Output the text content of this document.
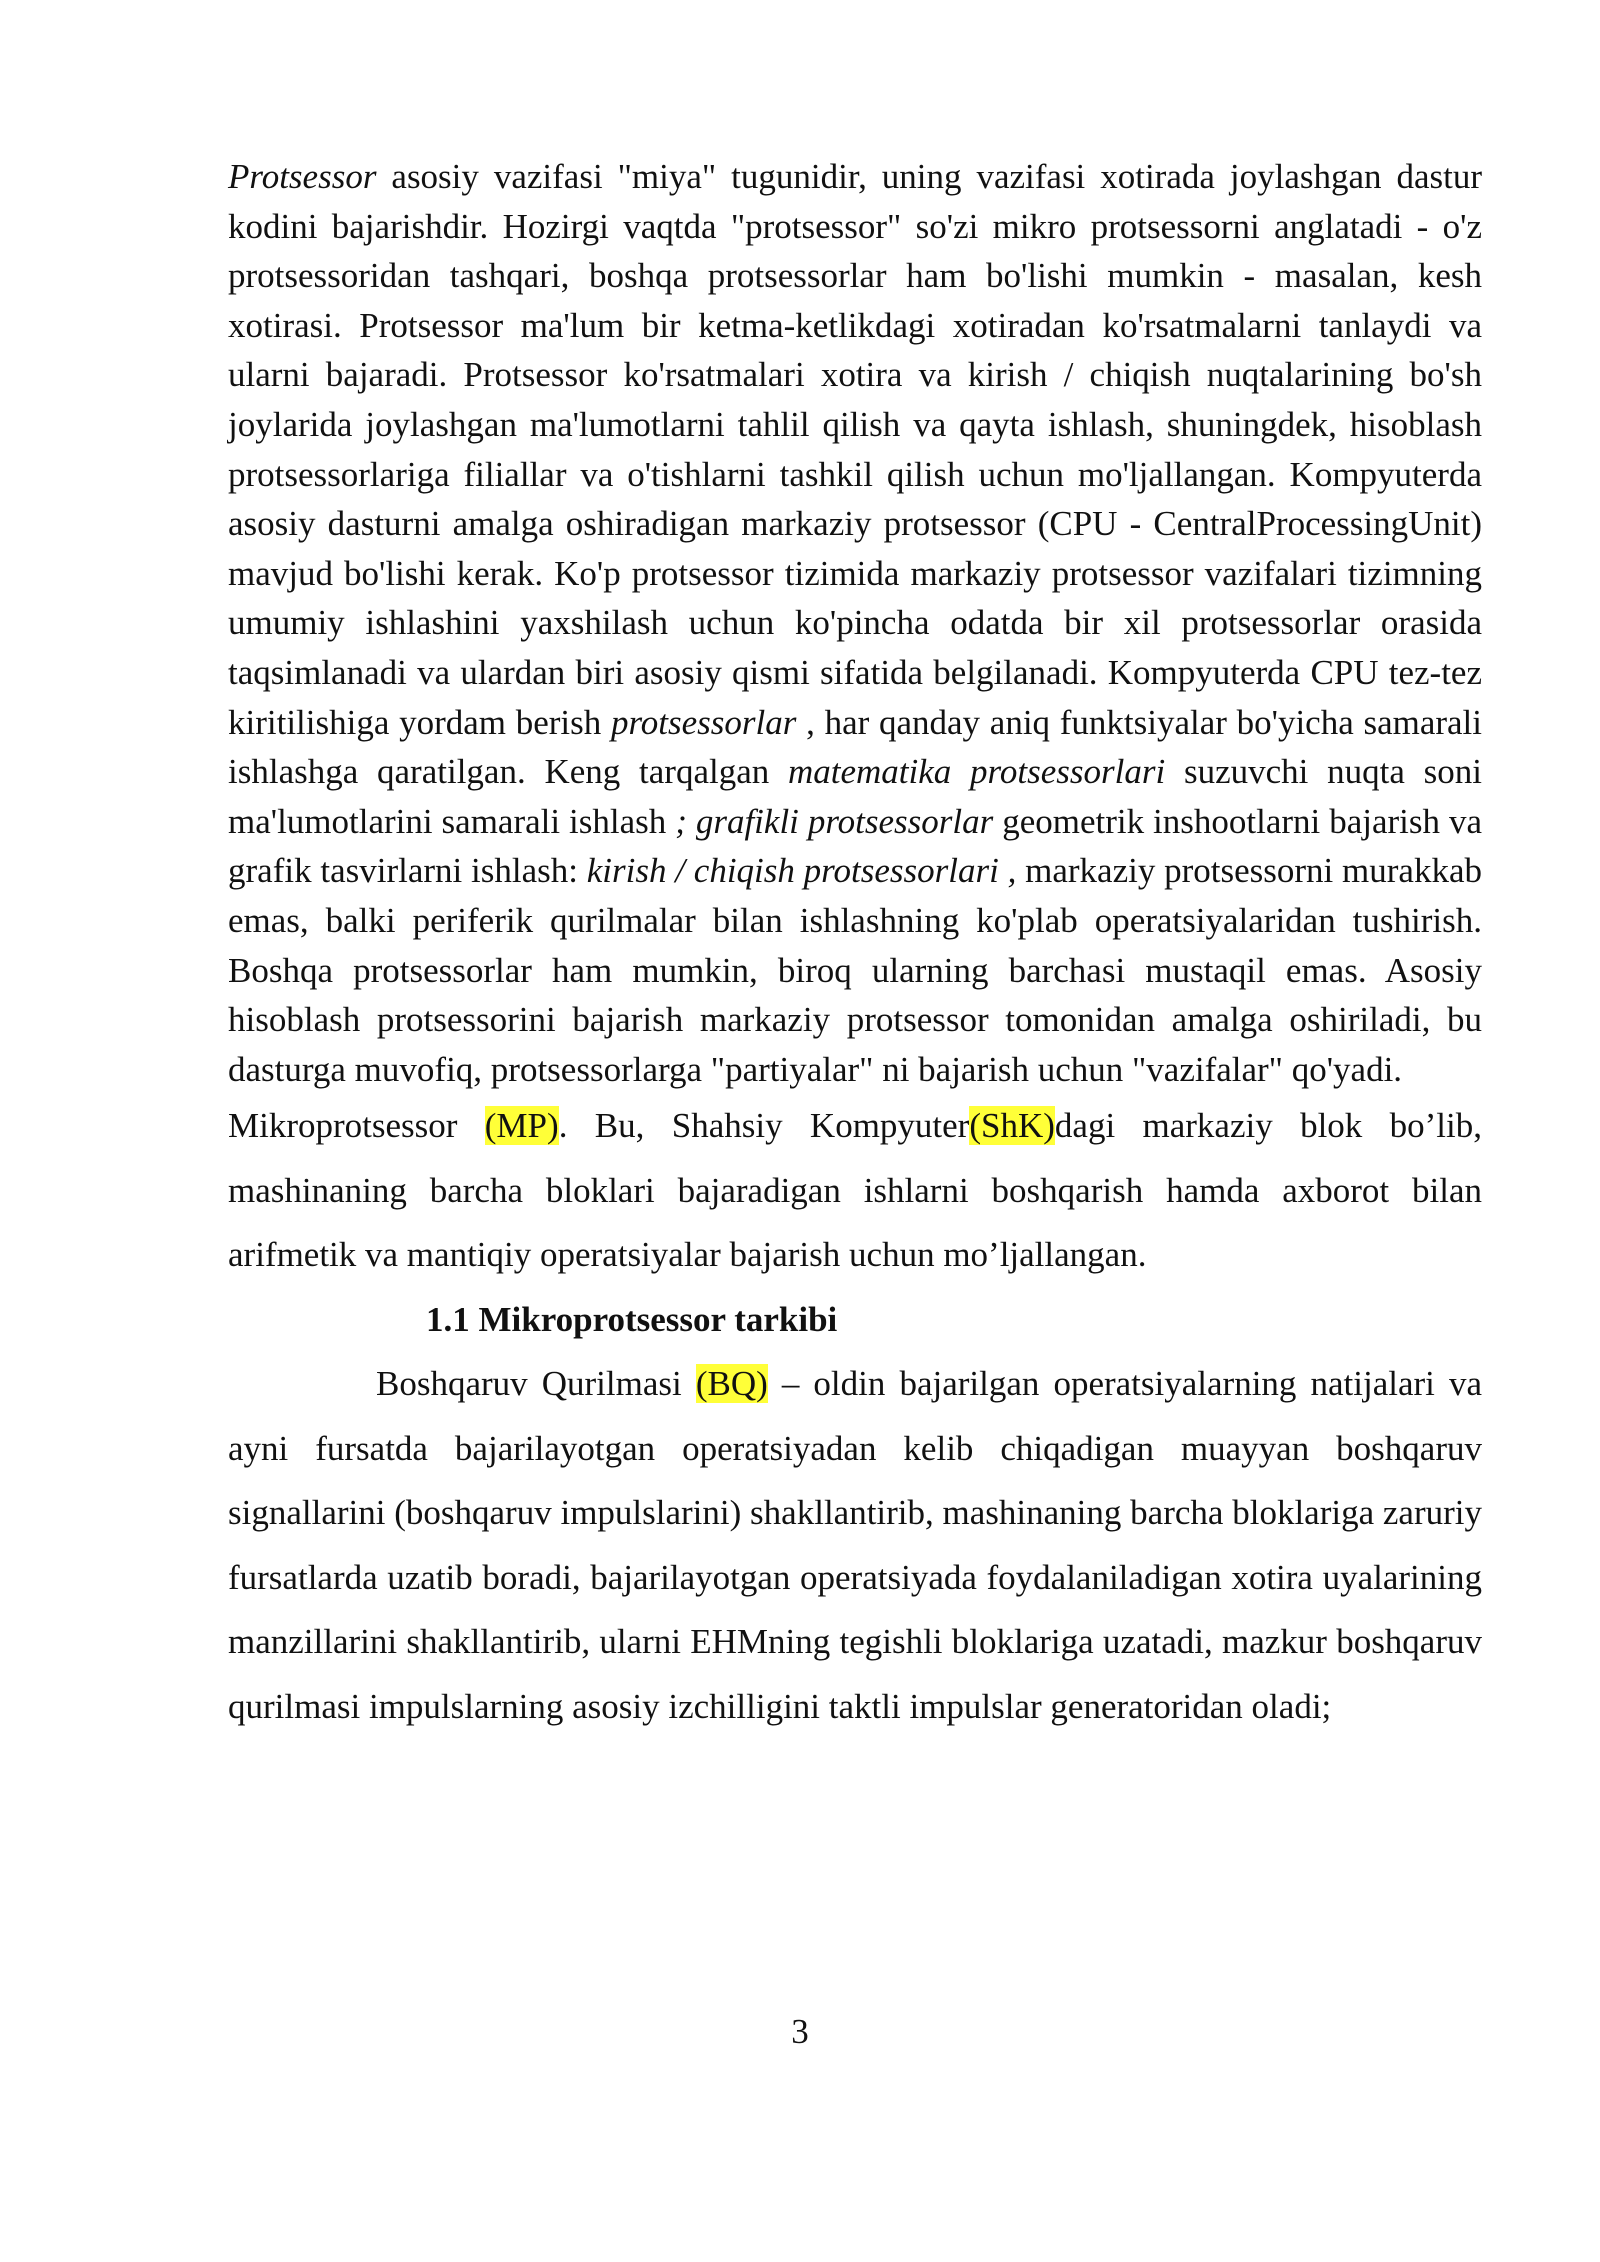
Protsessor asosiy vazifasi "miya" tugunidir, uning vazifasi xotirada joylashgan dastur kodini bajarishdir. Hozirgi vaqtda "protsessor" so'zi mikro protsessorni anglatadi - o'z protsessoridan tashqari, boshqa protsessorlar ham bo'lishi mumkin - masalan, kesh xotirasi. Protsessor ma'lum bir ketma-ketlikdagi xotiradan ko'rsatmalarni tanlaydi va ularni bajaradi. Protsessor ko'rsatmalari xotira va kirish / chiqish nuqtalarining bo'sh joylarida joylashgan ma'lumotlarni tahlil qilish va qayta ishlash, shuningdek, hisoblash protsessorlariga filiallar va o'tishlarni tashkil qilish uchun mo'ljallangan. Kompyuterda asosiy dasturni amalga oshiradigan markaziy protsessor (CPU - CentralProcessingUnit) mavjud bo'lishi kerak. Ko'p protsessor tizimida markaziy protsessor vazifalari tizimning umumiy ishlashini yaxshilash uchun ko'pincha odatda bir xil protsessorlar orasida taqsimlanadi va ulardan biri asosiy qismi sifatida belgilanadi. Kompyuterda CPU tez-tez kiritilishiga yordam berish protsessorlar , har qanday aniq funktsiyalar bo'yicha samarali ishlashga qaratilgan. Keng tarqalgan matematika protsessorlari suzuvchi nuqta soni ma'lumotlarini samarali ishlash ; grafikli protsessorlar geometrik inshootlarni bajarish va grafik tasvirlarni ishlash: kirish / chiqish protsessorlari , markaziy protsessorni murakkab emas, balki periferik qurilmalar bilan ishlashning ko'plab operatsiyalaridan tushirish. Boshqa protsessorlar ham mumkin, biroq ularning barchasi mustaqil emas. Asosiy hisoblash protsessorini bajarish markaziy protsessor tomonidan amalga oshiriladi, bu dasturga muvofiq, protsessorlarga "partiyalar" ni bajarish uchun "vazifalar" qo'yadi.

Mikroprotsessor (MP). Bu, Shahsiy Kompyuter(ShK)dagi markaziy blok bo’lib, mashinaning barcha bloklari bajaradigan ishlarni boshqarish hamda axborot bilan arifmetik va mantiqiy operatsiyalar bajarish uchun mo’ljallangan.

1.1 Mikroprotsessor tarkibi

Boshqaruv Qurilmasi (BQ) – oldin bajarilgan operatsiyalarning natijalari va ayni fursatda bajarilayotgan operatsiyadan kelib chiqadigan muayyan boshqaruv signallarini (boshqaruv impulslarini) shakllantirib, mashinaning barcha bloklariga zaruriy fursatlarda uzatib boradi, bajarilayotgan operatsiyada foydalaniladigan xotira uyalarining manzillarini shakllantirib, ularni EHMning tegishli bloklariga uzatadi, mazkur boshqaruv qurilmasi impulslarning asosiy izchilligini taktli impulslar generatoridan oladi;

3
